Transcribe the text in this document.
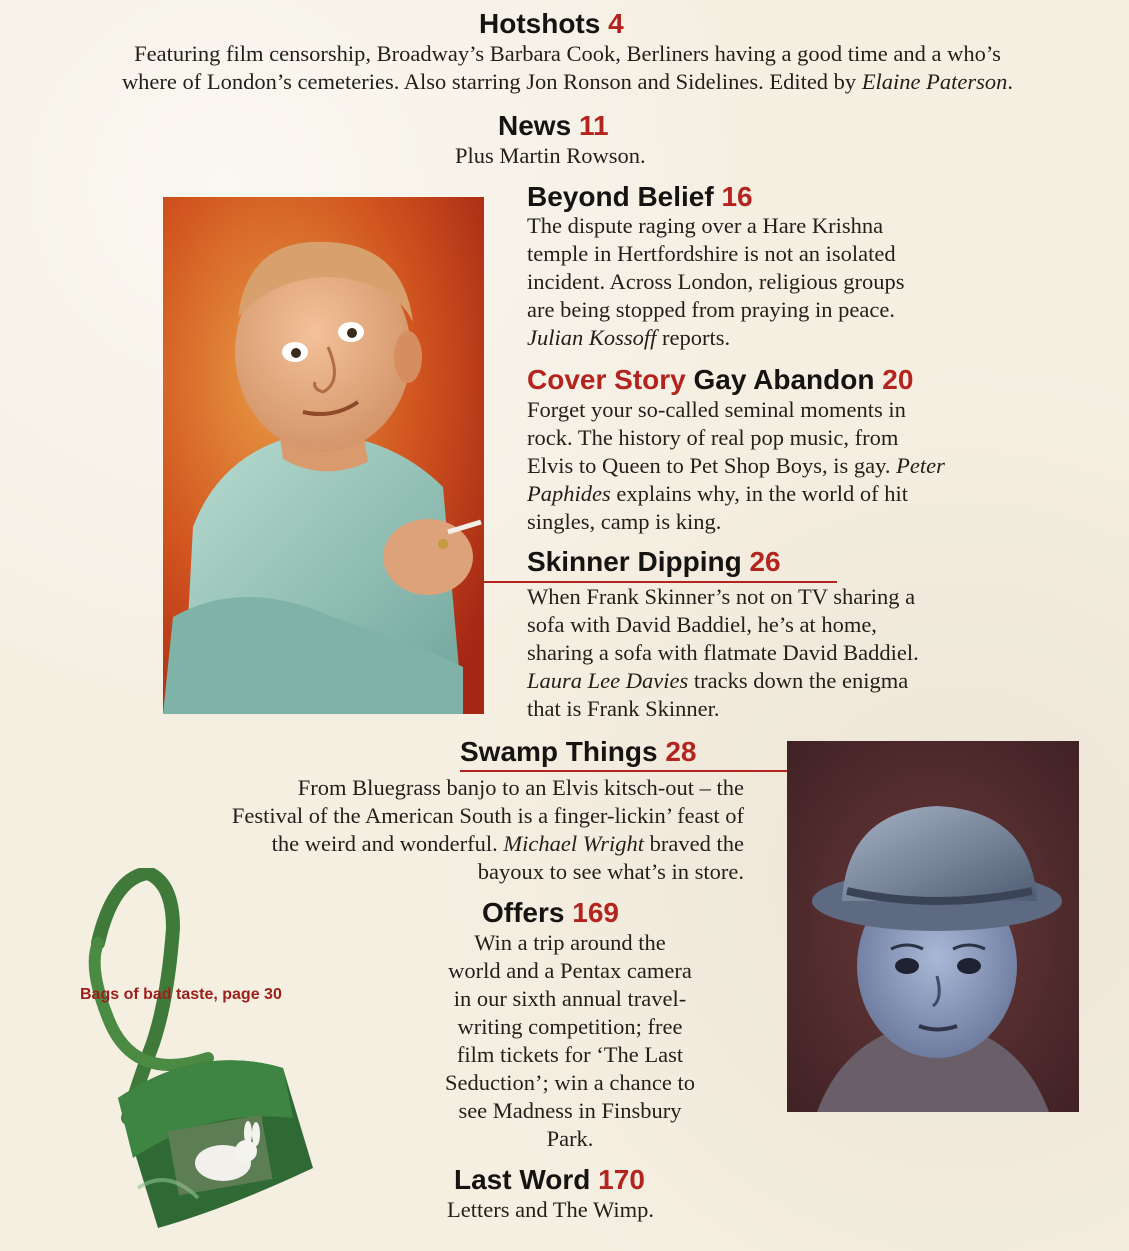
Hotshots 4
Featuring film censorship, Broadway’s Barbara Cook, Berliners having a good time and a who’s
where of London’s cemeteries. Also starring Jon Ronson and Sidelines. Edited by Elaine Paterson.
News 11
Plus Martin Rowson.
Beyond Belief 16
The dispute raging over a Hare Krishna
temple in Hertfordshire is not an isolated
incident. Across London, religious groups
are being stopped from praying in peace.
Julian Kossoff reports.
Cover Story Gay Abandon 20
Forget your so-called seminal moments in
rock. The history of real pop music, from
Elvis to Queen to Pet Shop Boys, is gay. Peter
Paphides explains why, in the world of hit
singles, camp is king.
Skinner Dipping 26
When Frank Skinner’s not on TV sharing a
sofa with David Baddiel, he’s at home,
sharing a sofa with flatmate David Baddiel.
Laura Lee Davies tracks down the enigma
that is Frank Skinner.
Swamp Things 28
From Bluegrass banjo to an Elvis kitsch-out – the
Festival of the American South is a finger-lickin’ feast of
the weird and wonderful. Michael Wright braved the
bayoux to see what’s in store.
Bags of bad taste, page 30
Offers 169
Win a trip around the
world and a Pentax camera
in our sixth annual travel-
writing competition; free
film tickets for ‘The Last
Seduction’; win a chance to
see Madness in Finsbury
Park.
Last Word 170
Letters and The Wimp.
